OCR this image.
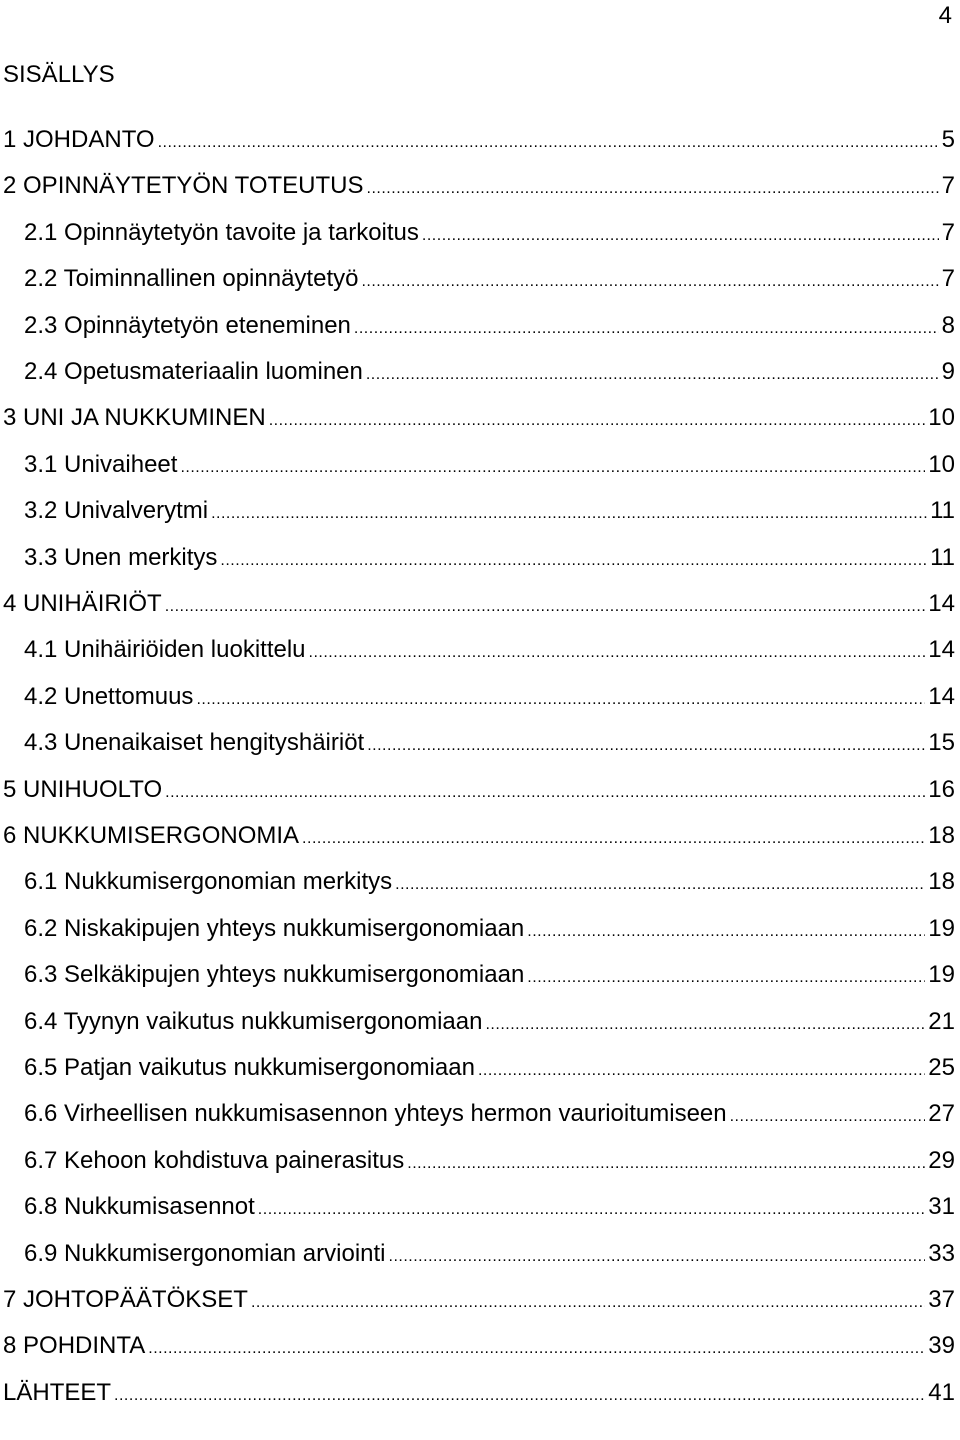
4
SISÄLLYS
1 JOHDANTO .....	5
2 OPINNÄYTETYÖN TOTEUTUS .....	7
2.1 Opinnäytetyön tavoite ja tarkoitus .....	7
2.2 Toiminnallinen opinnäytetyö .....	7
2.3 Opinnäytetyön eteneminen .....	8
2.4 Opetusmateriaalin luominen .....	9
3 UNI JA NUKKUMINEN .....	10
3.1 Univaiheet .....	10
3.2 Univalverytmi .....	11
3.3 Unen merkitys .....	11
4 UNIHÄIRIÖT .....	14
4.1 Unihäiriöiden luokittelu .....	14
4.2 Unettomuus .....	14
4.3 Unenaikaiset hengityshäiriöt .....	15
5 UNIHUOLTO .....	16
6 NUKKUMISERGONOMIA .....	18
6.1 Nukkumisergonomian merkitys .....	18
6.2 Niskakipujen yhteys nukkumisergonomiaan .....	19
6.3 Selkäkipujen yhteys nukkumisergonomiaan .....	19
6.4 Tyynyn vaikutus nukkumisergonomiaan .....	21
6.5 Patjan vaikutus nukkumisergonomiaan .....	25
6.6 Virheellisen nukkumisasennon yhteys hermon vaurioitumiseen .....	27
6.7 Kehoon kohdistuva painerasitus .....	29
6.8 Nukkumisasennot .....	31
6.9 Nukkumisergonomian arviointi .....	33
7 JOHTOPÄÄTÖKSET .....	37
8 POHDINTA .....	39
LÄHTEET .....	41
